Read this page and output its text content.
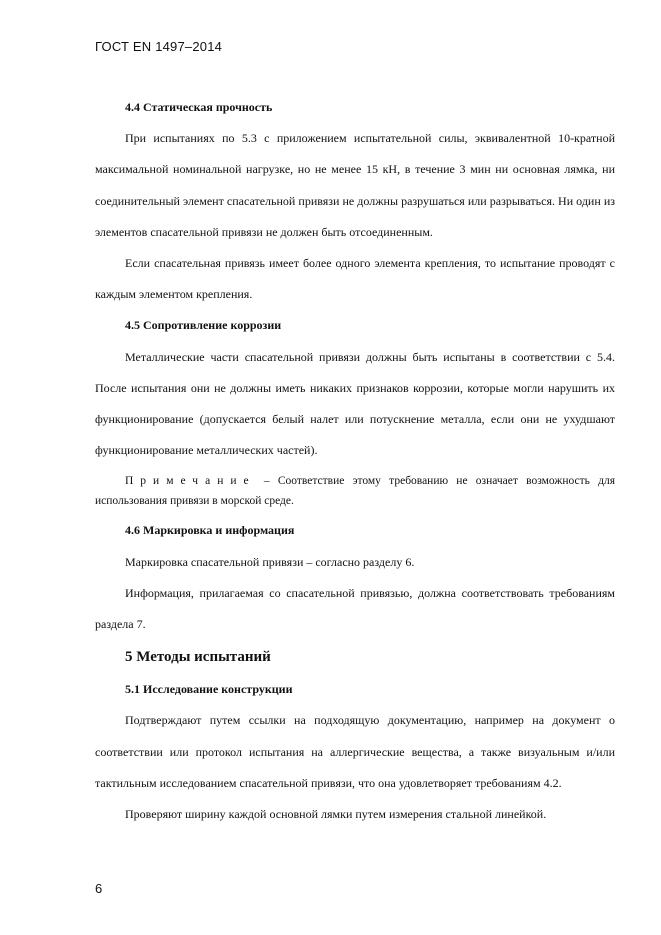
ГОСТ EN 1497–2014
4.4 Статическая прочность

При испытаниях по 5.3 с приложением испытательной силы, эквивалентной 10-кратной максимальной номинальной нагрузке, но не менее 15 кН, в течение 3 мин ни основная лямка, ни соединительный элемент спасательной привязи не должны разрушаться или разрываться. Ни один из элементов спасательной привязи не должен быть отсоединенным.

Если спасательная привязь имеет более одного элемента крепления, то испытание проводят с каждым элементом крепления.

4.5 Сопротивление коррозии

Металлические части спасательной привязи должны быть испытаны в соответствии с 5.4. После испытания они не должны иметь никаких признаков коррозии, которые могли нарушить их функционирование (допускается белый налет или потускнение металла, если они не ухудшают функционирование металлических частей).

Примечание – Соответствие этому требованию не означает возможность для использования привязи в морской среде.

4.6 Маркировка и информация

Маркировка спасательной привязи – согласно разделу 6.

Информация, прилагаемая со спасательной привязью, должна соответствовать требованиям раздела 7.

5 Методы испытаний
5.1 Исследование конструкции

Подтверждают путем ссылки на подходящую документацию, например на документ о соответствии или протокол испытания на аллергические вещества, а также визуальным и/или тактильным исследованием спасательной привязи, что она удовлетворяет требованиям 4.2.

Проверяют ширину каждой основной лямки путем измерения стальной линейкой.

6
